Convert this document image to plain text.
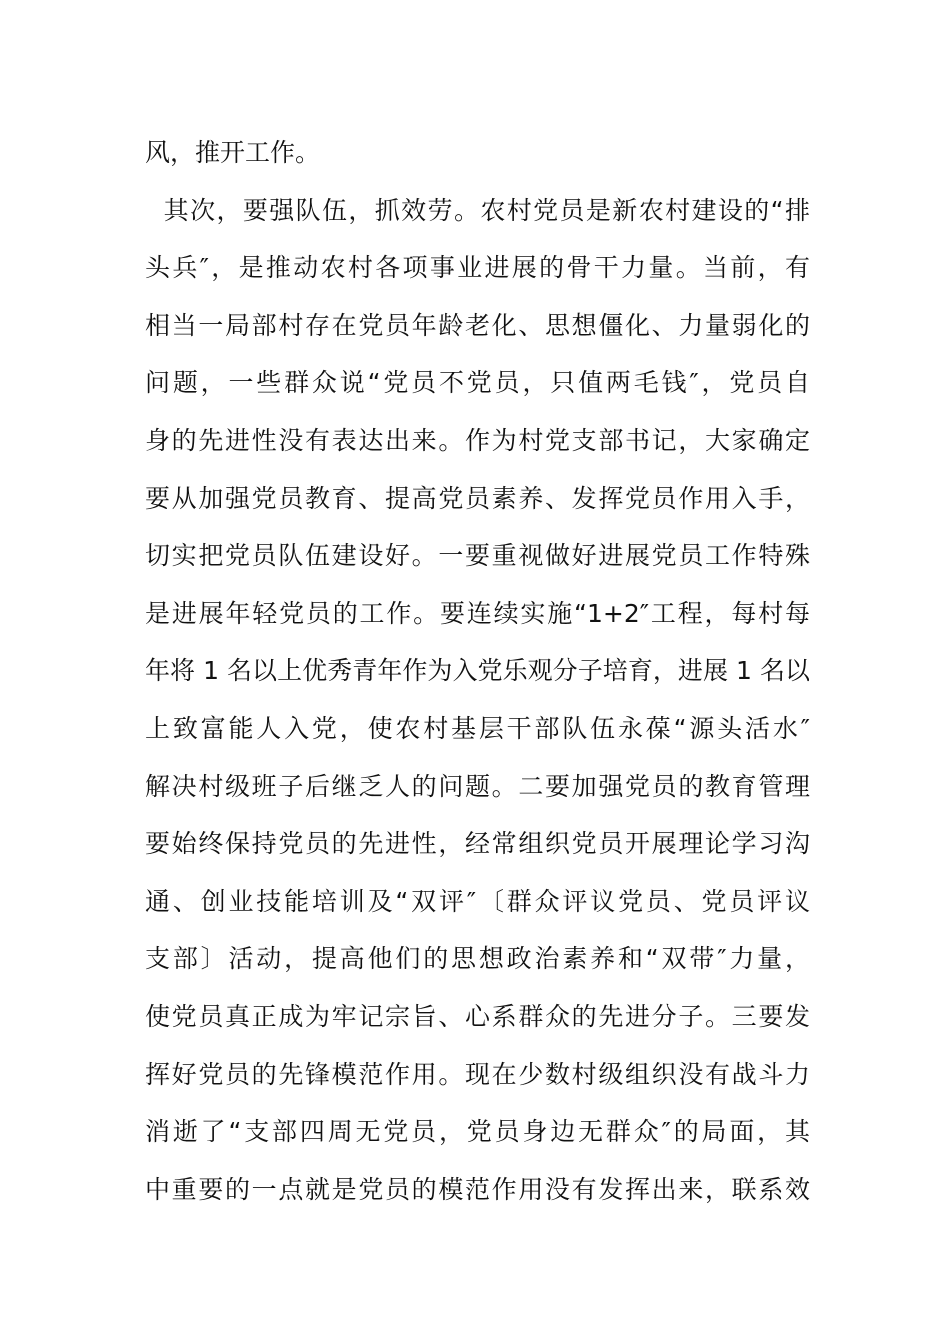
风，推开工作。
其次，要强队伍，抓效劳。农村党员是新农村建设的“排
头兵″，是推动农村各项事业进展的骨干力量。当前，有
相当一局部村存在党员年龄老化、思想僵化、力量弱化的
问题，一些群众说“党员不党员，只值两毛钱″，党员自
身的先进性没有表达出来。作为村党支部书记，大家确定
要从加强党员教育、提高党员素养、发挥党员作用入手，
切实把党员队伍建设好。一要重视做好进展党员工作特殊
是进展年轻党员的工作。要连续实施“1+2″工程，每村每
年将 1 名以上优秀青年作为入党乐观分子培育，进展 1 名以
上致富能人入党，使农村基层干部队伍永葆“源头活水″
解决村级班子后继乏人的问题。二要加强党员的教育管理
要始终保持党员的先进性，经常组织党员开展理论学习沟
通、创业技能培训及“双评″〔群众评议党员、党员评议
支部〕活动，提高他们的思想政治素养和“双带″力量，
使党员真正成为牢记宗旨、心系群众的先进分子。三要发
挥好党员的先锋模范作用。现在少数村级组织没有战斗力
消逝了“支部四周无党员，党员身边无群众″的局面，其
中重要的一点就是党员的模范作用没有发挥出来，联系效
